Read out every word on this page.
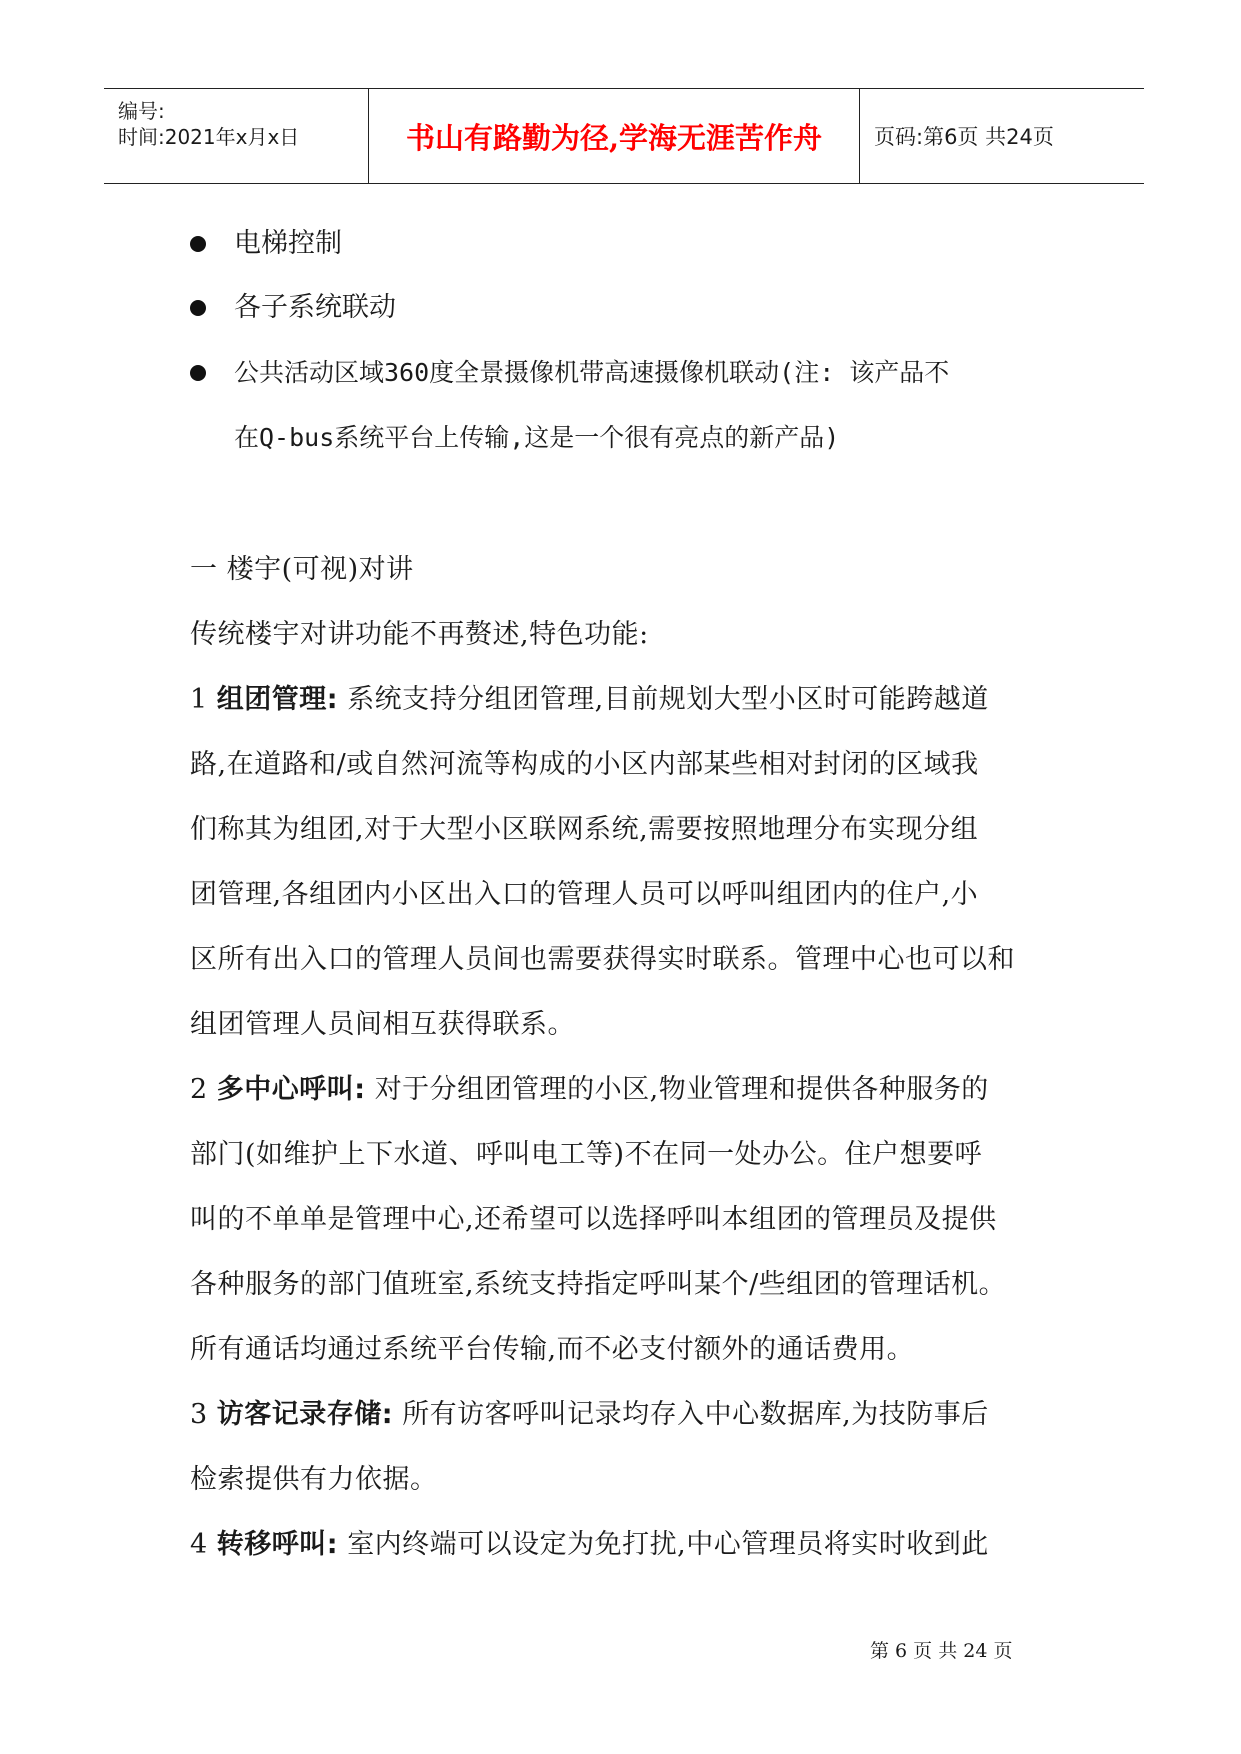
编号:
时间:2021年x月x日	书山有路勤为径,学海无涯苦作舟 页码:第6页 共24页
电梯控制
各子系统联动
公共活动区域360度全景摄像机带高速摄像机联动(注: 该产品不
在Q-bus系统平台上传输,这是一个很有亮点的新产品)
一 楼宇(可视)对讲
传统楼宇对讲功能不再赘述,特色功能:
1 组团管理: 系统支持分组团管理,目前规划大型小区时可能跨越道
路,在道路和/或自然河流等构成的小区内部某些相对封闭的区域我
们称其为组团,对于大型小区联网系统,需要按照地理分布实现分组
团管理,各组团内小区出入口的管理人员可以呼叫组团内的住户,小
区所有出入口的管理人员间也需要获得实时联系。管理中心也可以和
组团管理人员间相互获得联系。
2 多中心呼叫: 对于分组团管理的小区,物业管理和提供各种服务的
部门(如维护上下水道、呼叫电工等)不在同一处办公。住户想要呼
叫的不单单是管理中心,还希望可以选择呼叫本组团的管理员及提供
各种服务的部门值班室,系统支持指定呼叫某个/些组团的管理话机。
所有通话均通过系统平台传输,而不必支付额外的通话费用。
3 访客记录存储: 所有访客呼叫记录均存入中心数据库,为技防事后
检索提供有力依据。
4 转移呼叫: 室内终端可以设定为免打扰,中心管理员将实时收到此
第 6 页 共 24 页
